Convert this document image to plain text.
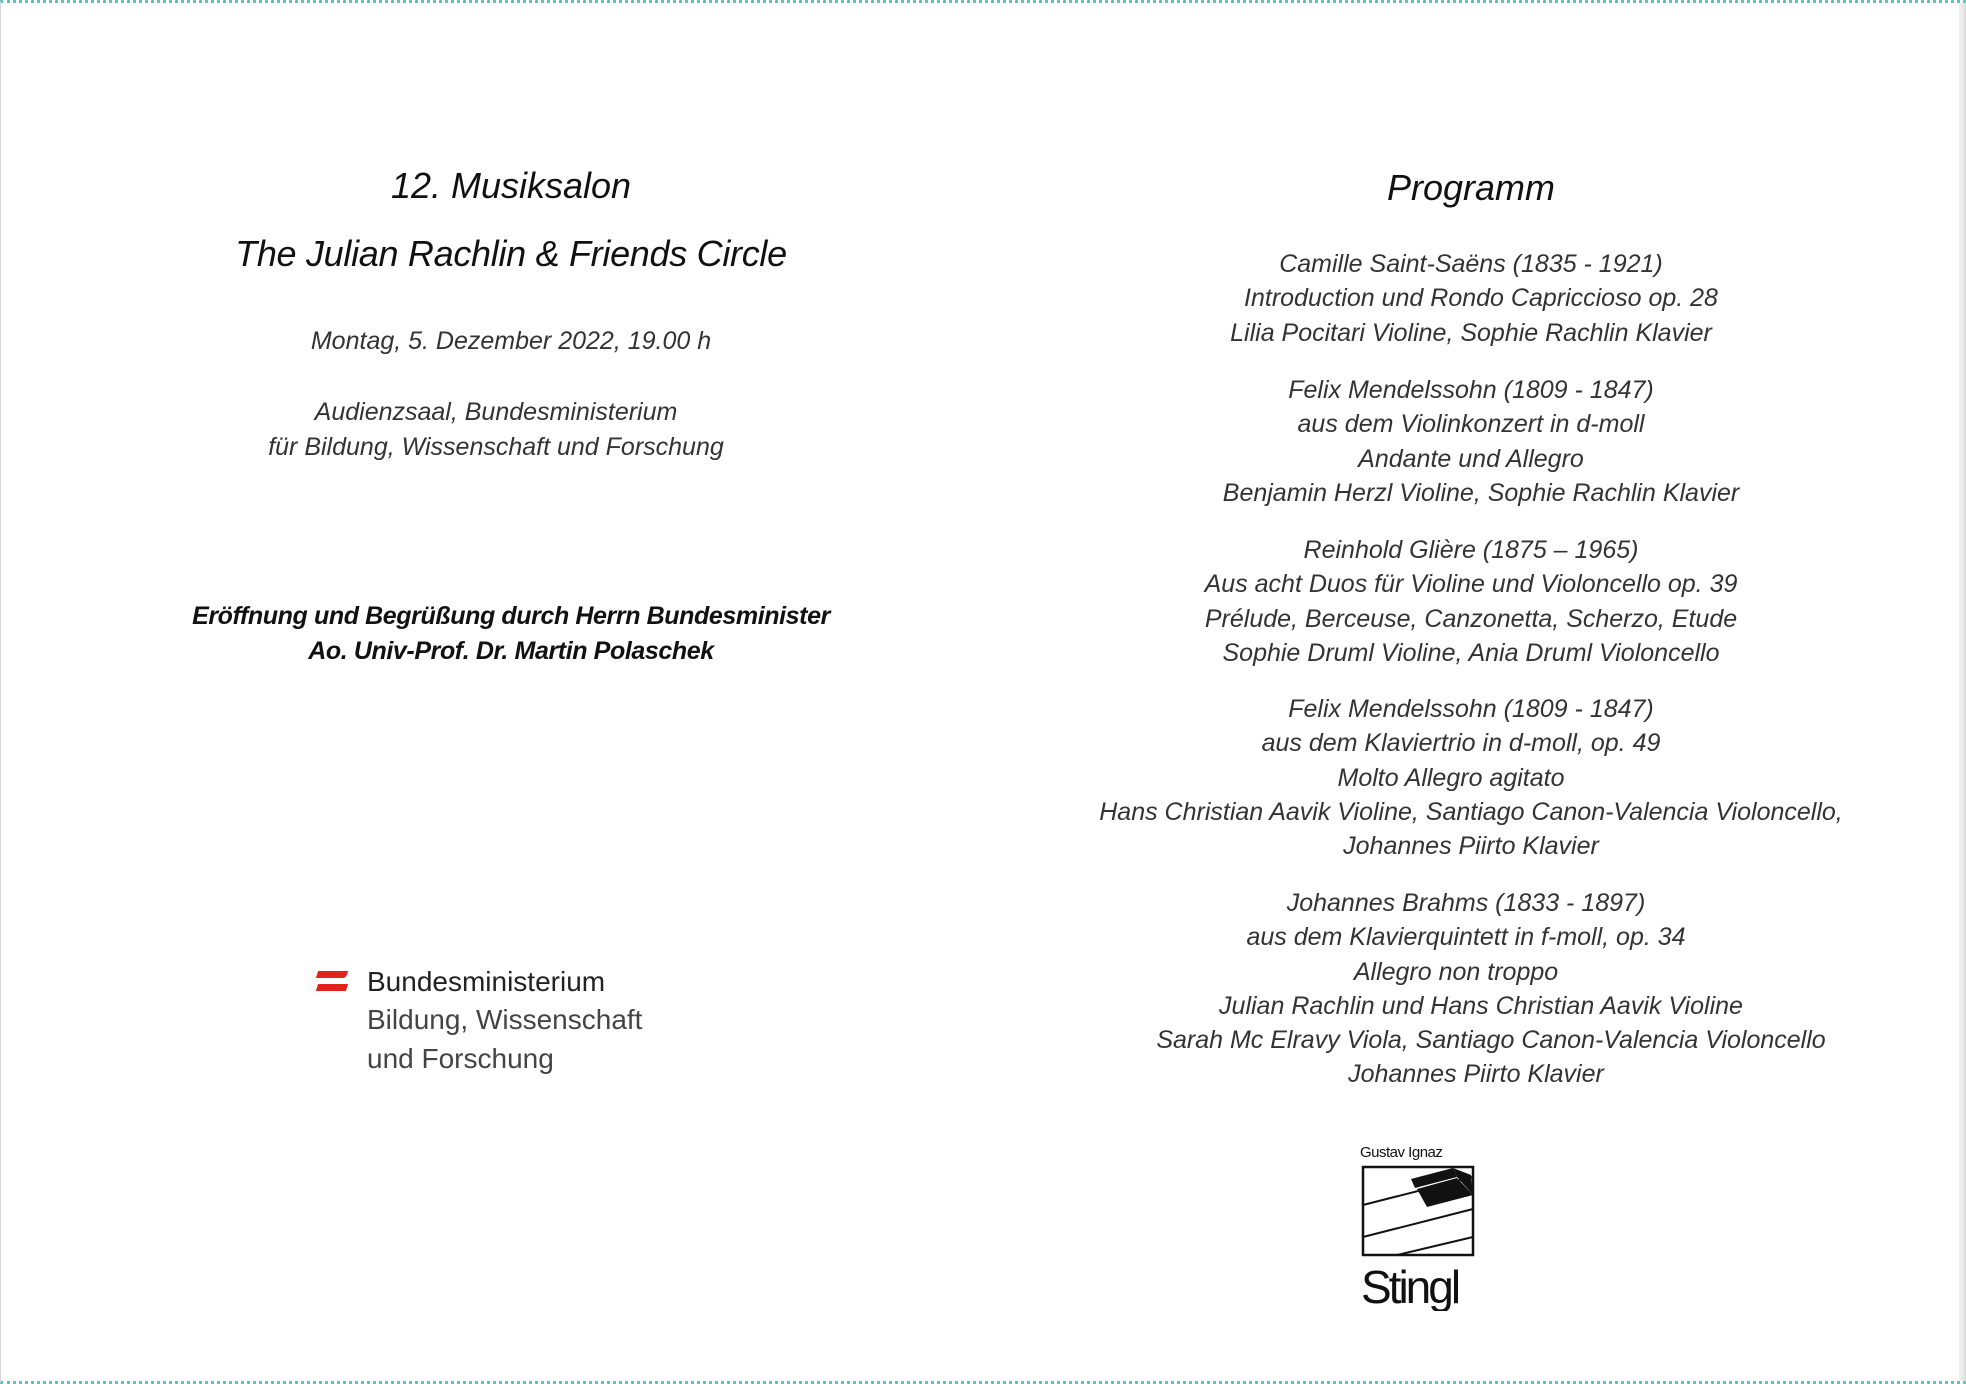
12. Musiksalon
The Julian Rachlin & Friends Circle
Montag, 5. Dezember 2022, 19.00 h
Audienzsaal, Bundesministerium
für Bildung, Wissenschaft und Forschung
Eröffnung und Begrüßung durch Herrn Bundesminister
Ao. Univ-Prof. Dr. Martin Polaschek
Bundesministerium
Bildung, Wissenschaft
und Forschung
Programm
Camille Saint-Saëns (1835 - 1921)
Introduction und Rondo Capriccioso op. 28
Lilia Pocitari Violine, Sophie Rachlin Klavier
Felix Mendelssohn (1809 - 1847)
aus dem Violinkonzert in d-moll
Andante und Allegro
Benjamin Herzl Violine, Sophie Rachlin Klavier
Reinhold Glière (1875 – 1965)
Aus acht Duos für Violine und Violoncello op. 39
Prélude, Berceuse, Canzonetta, Scherzo, Etude
Sophie Druml Violine, Ania Druml Violoncello
Felix Mendelssohn (1809 - 1847)
aus dem Klaviertrio in d-moll, op. 49
Molto Allegro agitato
Hans Christian Aavik Violine, Santiago Canon-Valencia Violoncello,
Johannes Piirto Klavier
Johannes Brahms (1833 - 1897)
aus dem Klavierquintett in f-moll, op. 34
Allegro non troppo
Julian Rachlin und Hans Christian Aavik Violine
Sarah Mc Elravy Viola, Santiago Canon-Valencia Violoncello
Johannes Piirto Klavier
Gustav Ignaz
Stingl
